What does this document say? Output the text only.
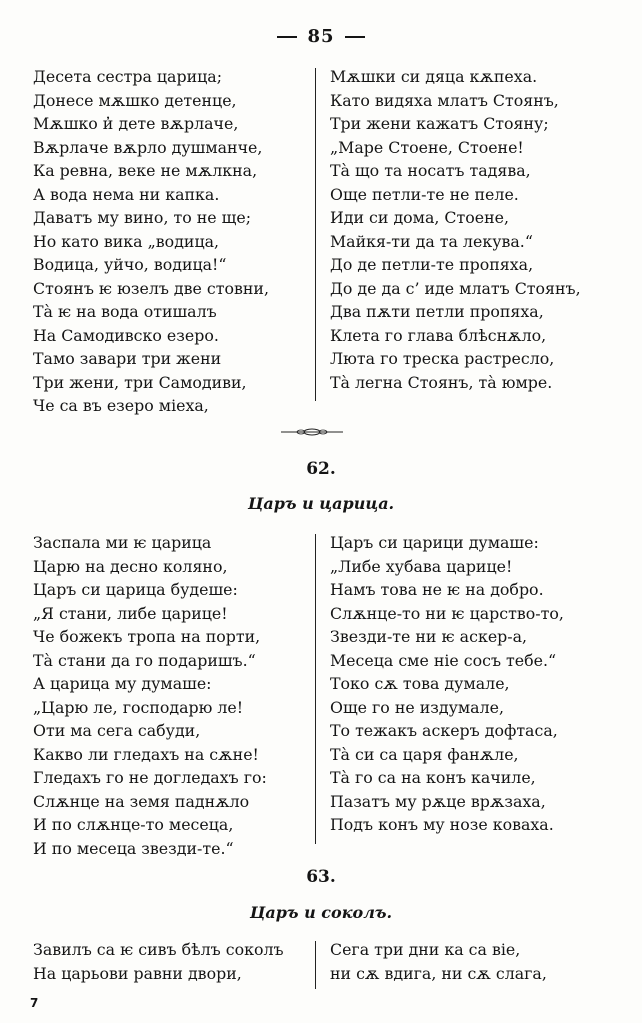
85
Десета сестра царица;
Донесе мѫшко детенце,
Мѫшко и̓ дете вѫрлаче,
Вѫрлаче вѫрло душманче,
Ка ревна, веке не мѫлкна,
А вода нема ни капка.
Даватъ му вино, то не ще;
Но като вика „водица,
Водица, уйчо, водица!“
Стоянъ ѥ юзелъ две стовни,
Тà ѥ на вода отишалъ
На Самодивско езеро.
Тамо завари три жени
Три жени, три Самодиви,
Че са въ езеро міеха,
Мѫшки си дяца кѫпеха.
Като видяха млатъ Стоянъ,
Три жени кажатъ Стояну;
„Маре Стоене, Стоене!
Тà що та носатъ тадява,
Още петли-те не пеле.
Иди си дома, Стоене,
Майкя-ти да та лекува.“
До де петли-те пропяха,
До де да с’ иде млатъ Стоянъ,
Два пѫти петли пропяха,
Клета го глава блѣснѫло,
Люта го треска растресло,
Тà легна Стоянъ, тà юмре.
62.
Царъ и царица.
Заспала ми ѥ царица
Царю на десно коляно,
Царъ си царица будеше:
„Я стани, либе царице!
Че божекъ тропа на порти,
Тà стани да го подаришъ.“
А царица му думаше:
„Царю ле, господарю ле!
Оти ма сега сабуди,
Какво ли гледахъ на сѫне!
Гледахъ го не догледахъ го:
Слѫнце на земя паднѫло
И по слѫнце-то месеца,
И по месеца звезди-те.“
Царъ си царици думаше:
„Либе хубава царице!
Намъ това не ѥ на добро.
Слѫнце-то ни ѥ царство-то,
Звезди-те ни ѥ аскер-а,
Месеца сме ніе сосъ тебе.“
Токо сѫ това думале,
Още го не издумале,
То тежакъ аскеръ дофтаса,
Тà си са царя фанѫле,
Тà го са на конъ качиле,
Пазатъ му рѫце врѫзаха,
Подъ конъ му нозе коваха.
63.
Царъ и соколъ.
Завилъ са ѥ сивъ бѣлъ соколъ
На царьови равни двори,
Сега три дни ка са віе,
ни сѫ вдига, ни сѫ слага,
7
